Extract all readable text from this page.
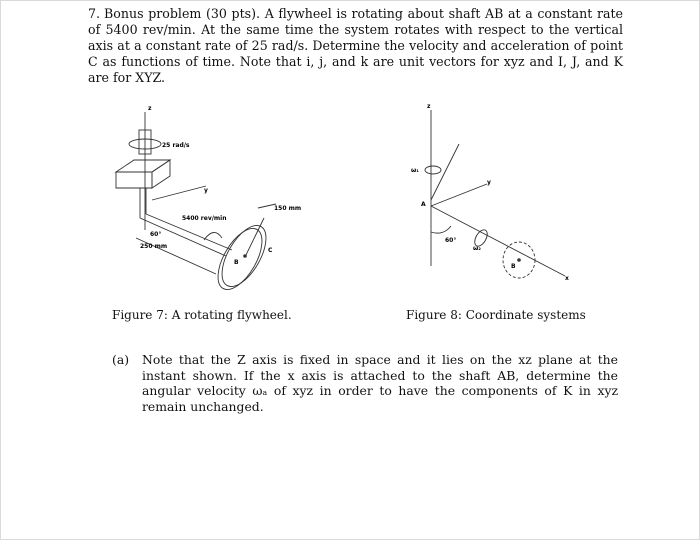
7. Bonus problem (30 pts). A flywheel is rotating about shaft AB at a constant rate of 5400 rev/min. At the same time the system rotates with respect to the vertical axis at a constant rate of 25 rad/s. Determine the velocity and acceleration of point C as functions of time. Note that i, j, and k are unit vectors for xyz and I, J, and K are for XYZ.
z
25 rad/s
y
5400 rev/min
150 mm
60°
250 mm
C
B
Figure 7: A rotating flywheel.
z
ω₁
y
A
60°
ω₂
B
x
Figure 8: Coordinate systems
(a) Note that the Z axis is fixed in space and it lies on the xz plane at the instant shown. If the x axis is attached to the shaft AB, determine the angular velocity ωₐ of xyz in order to have the components of K in xyz remain unchanged.
